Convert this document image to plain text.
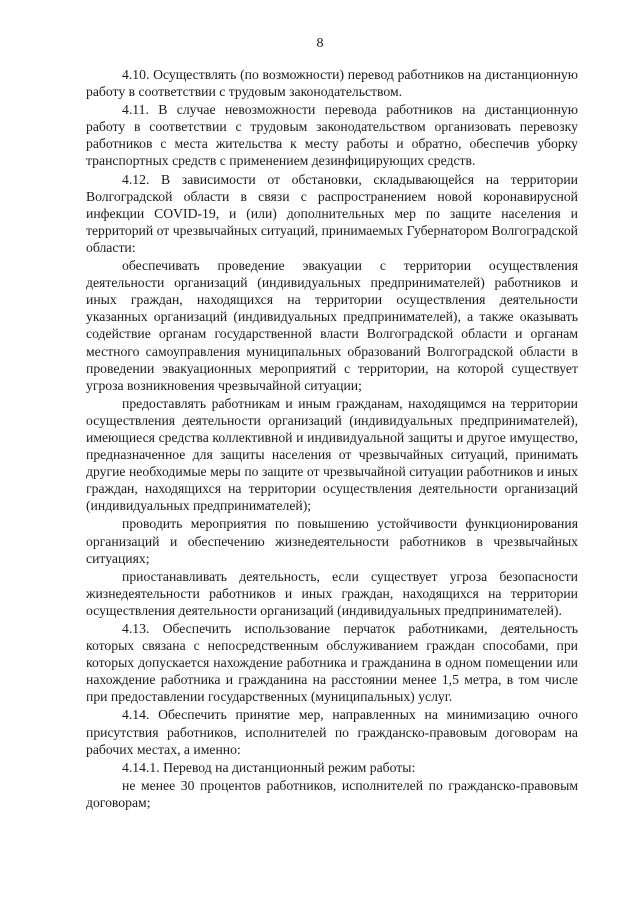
8

4.10. Осуществлять (по возможности) перевод работников на дистанционную работу в соответствии с трудовым законодательством.

4.11. В случае невозможности перевода работников на дистанционную работу в соответствии с трудовым законодательством организовать перевозку работников с места жительства к месту работы и обратно, обеспечив уборку транспортных средств с применением дезинфицирующих средств.

4.12. В зависимости от обстановки, складывающейся на территории Волгоградской области в связи с распространением новой коронавирусной инфекции COVID-19, и (или) дополнительных мер по защите населения и территорий от чрезвычайных ситуаций, принимаемых Губернатором Волгоградской области:

обеспечивать проведение эвакуации с территории осуществления деятельности организаций (индивидуальных предпринимателей) работников и иных граждан, находящихся на территории осуществления деятельности указанных организаций (индивидуальных предпринимателей), а также оказывать содействие органам государственной власти Волгоградской области и органам местного самоуправления муниципальных образований Волгоградской области в проведении эвакуационных мероприятий с территории, на которой существует угроза возникновения чрезвычайной ситуации;

предоставлять работникам и иным гражданам, находящимся на территории осуществления деятельности организаций (индивидуальных предпринимателей), имеющиеся средства коллективной и индивидуальной защиты и другое имущество, предназначенное для защиты населения от чрезвычайных ситуаций, принимать другие необходимые меры по защите от чрезвычайной ситуации работников и иных граждан, находящихся на территории осуществления деятельности организаций (индивидуальных предпринимателей);

проводить мероприятия по повышению устойчивости функционирования организаций и обеспечению жизнедеятельности работников в чрезвычайных ситуациях;

приостанавливать деятельность, если существует угроза безопасности жизнедеятельности работников и иных граждан, находящихся на территории осуществления деятельности организаций (индивидуальных предпринимателей).

4.13. Обеспечить использование перчаток работниками, деятельность которых связана с непосредственным обслуживанием граждан способами, при которых допускается нахождение работника и гражданина в одном помещении или нахождение работника и гражданина на расстоянии менее 1,5 метра, в том числе при предоставлении государственных (муниципальных) услуг.

4.14. Обеспечить принятие мер, направленных на минимизацию очного присутствия работников, исполнителей по гражданско-правовым договорам на рабочих местах, а именно:

4.14.1. Перевод на дистанционный режим работы:

не менее 30 процентов работников, исполнителей по гражданско-правовым договорам;
